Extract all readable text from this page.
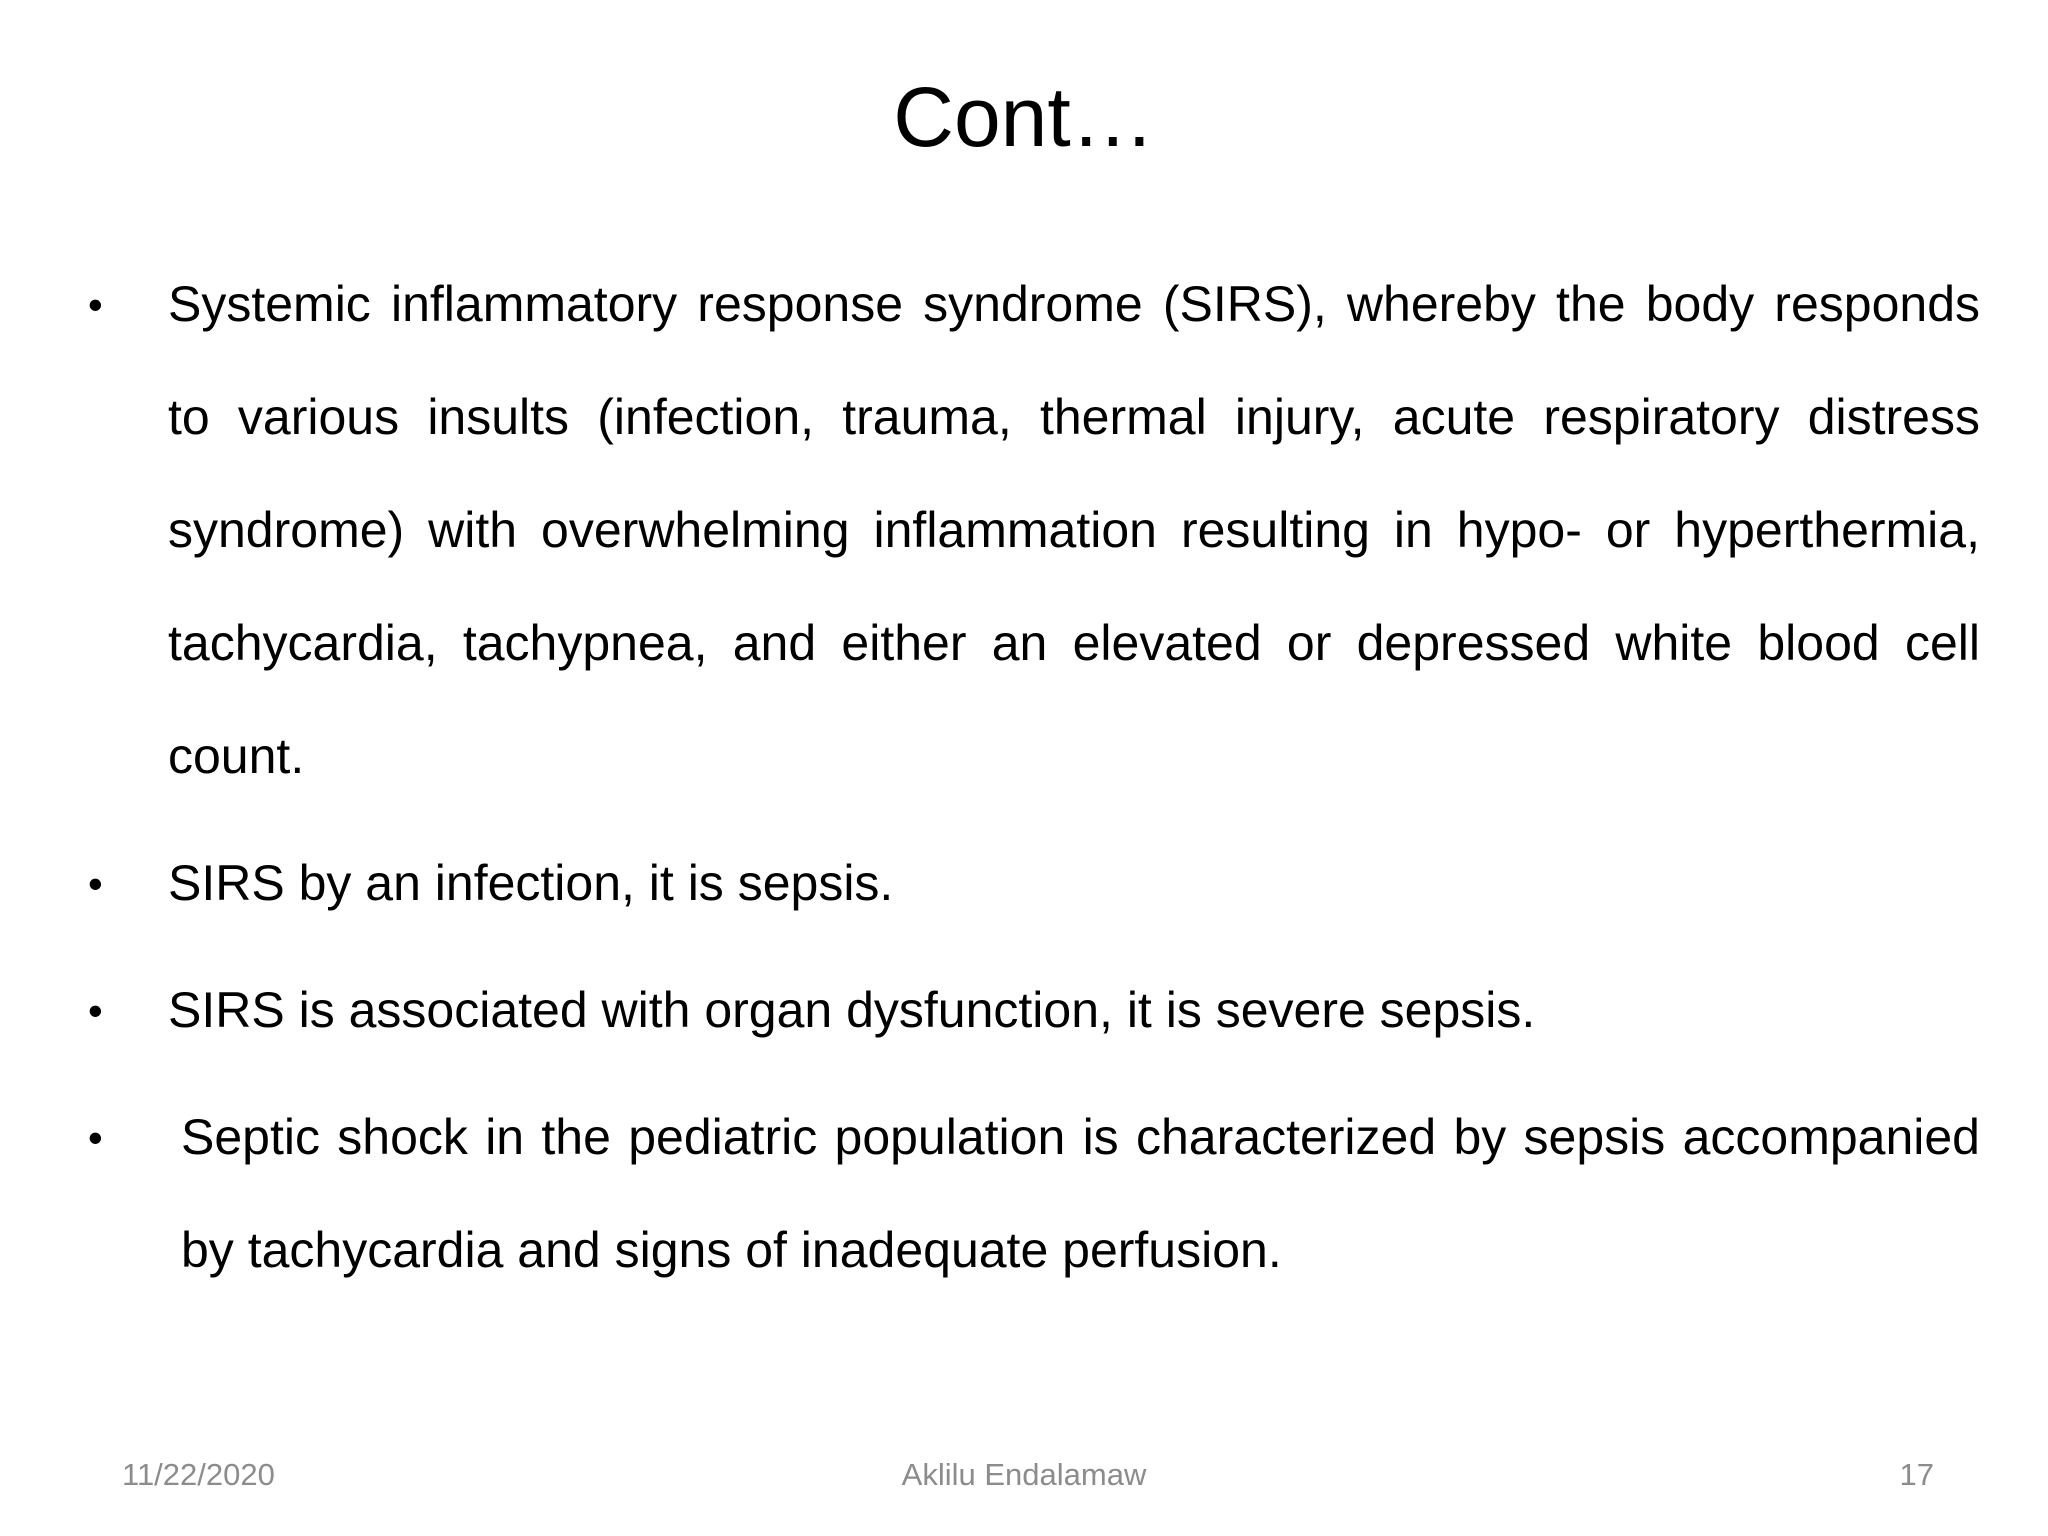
Cont…
•	Systemic inflammatory response syndrome (SIRS), whereby the body responds to various insults (infection, trauma, thermal injury, acute respiratory distress syndrome) with overwhelming inflammation resulting in hypo- or hyperthermia, tachycardia, tachypnea, and either an elevated or depressed white blood cell count.
•	SIRS by an infection, it is sepsis.
•	SIRS is associated with organ dysfunction, it is severe sepsis.
•	Septic shock in the pediatric population is characterized by sepsis accompanied by tachycardia and signs of inadequate perfusion.
11/22/2020	Aklilu Endalamaw	17
